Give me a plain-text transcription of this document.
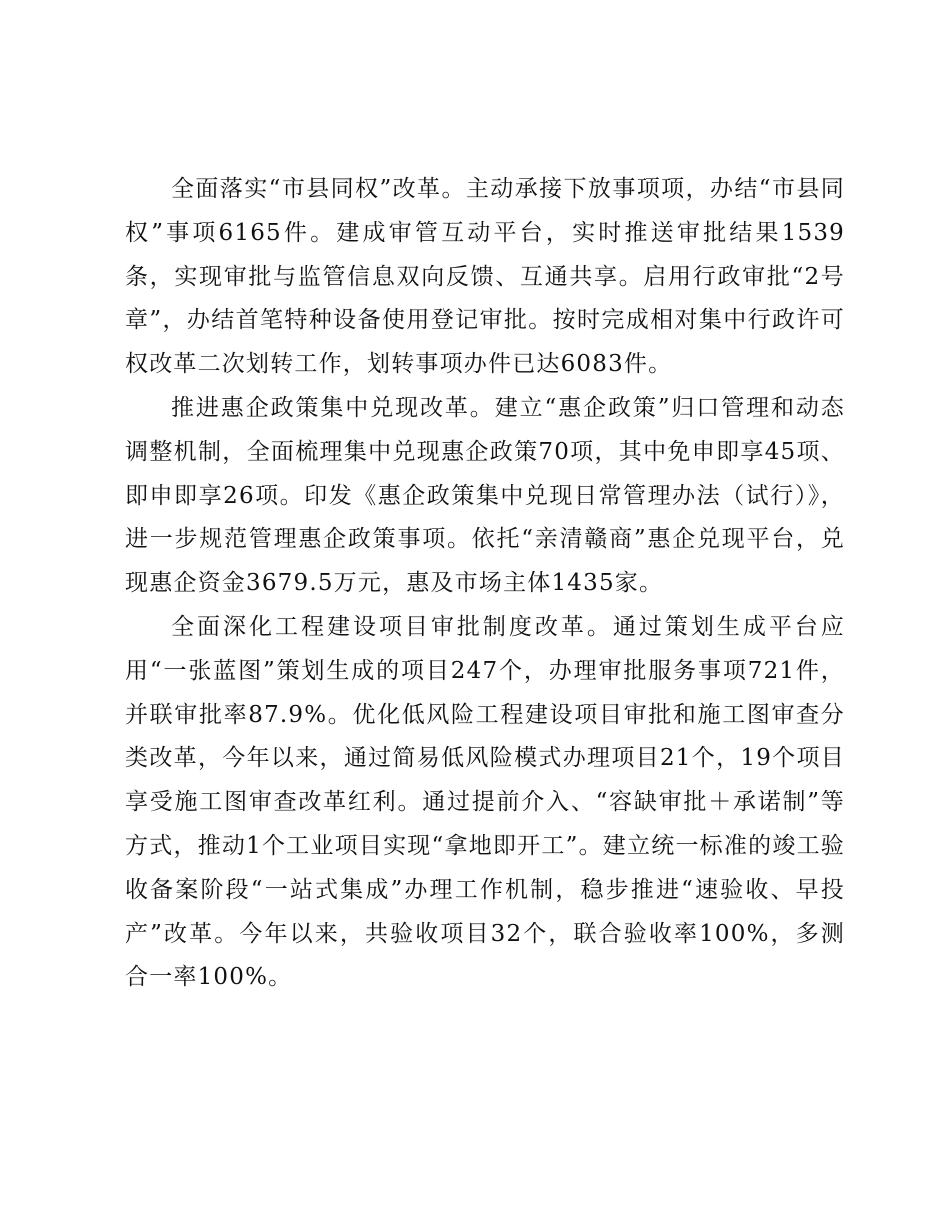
全面落实“市县同权”改革。主动承接下放事项项，办结“市县同权”事项6165件。建成审管互动平台，实时推送审批结果1539条，实现审批与监管信息双向反馈、互通共享。启用行政审批“2号章”，办结首笔特种设备使用登记审批。按时完成相对集中行政许可权改革二次划转工作，划转事项办件已达6083件。

推进惠企政策集中兑现改革。建立“惠企政策”归口管理和动态调整机制，全面梳理集中兑现惠企政策70项，其中免申即享45项、即申即享26项。印发《惠企政策集中兑现日常管理办法（试行）》，进一步规范管理惠企政策事项。依托“亲清赣商”惠企兑现平台，兑现惠企资金3679.5万元，惠及市场主体1435家。

全面深化工程建设项目审批制度改革。通过策划生成平台应用“一张蓝图”策划生成的项目247个，办理审批服务事项721件，并联审批率87.9%。优化低风险工程建设项目审批和施工图审查分类改革，今年以来，通过简易低风险模式办理项目21个，19个项目享受施工图审查改革红利。通过提前介入、“容缺审批＋承诺制”等方式，推动1个工业项目实现“拿地即开工”。建立统一标准的竣工验收备案阶段“一站式集成”办理工作机制，稳步推进“速验收、早投产”改革。今年以来，共验收项目32个，联合验收率100%，多测合一率100%。
